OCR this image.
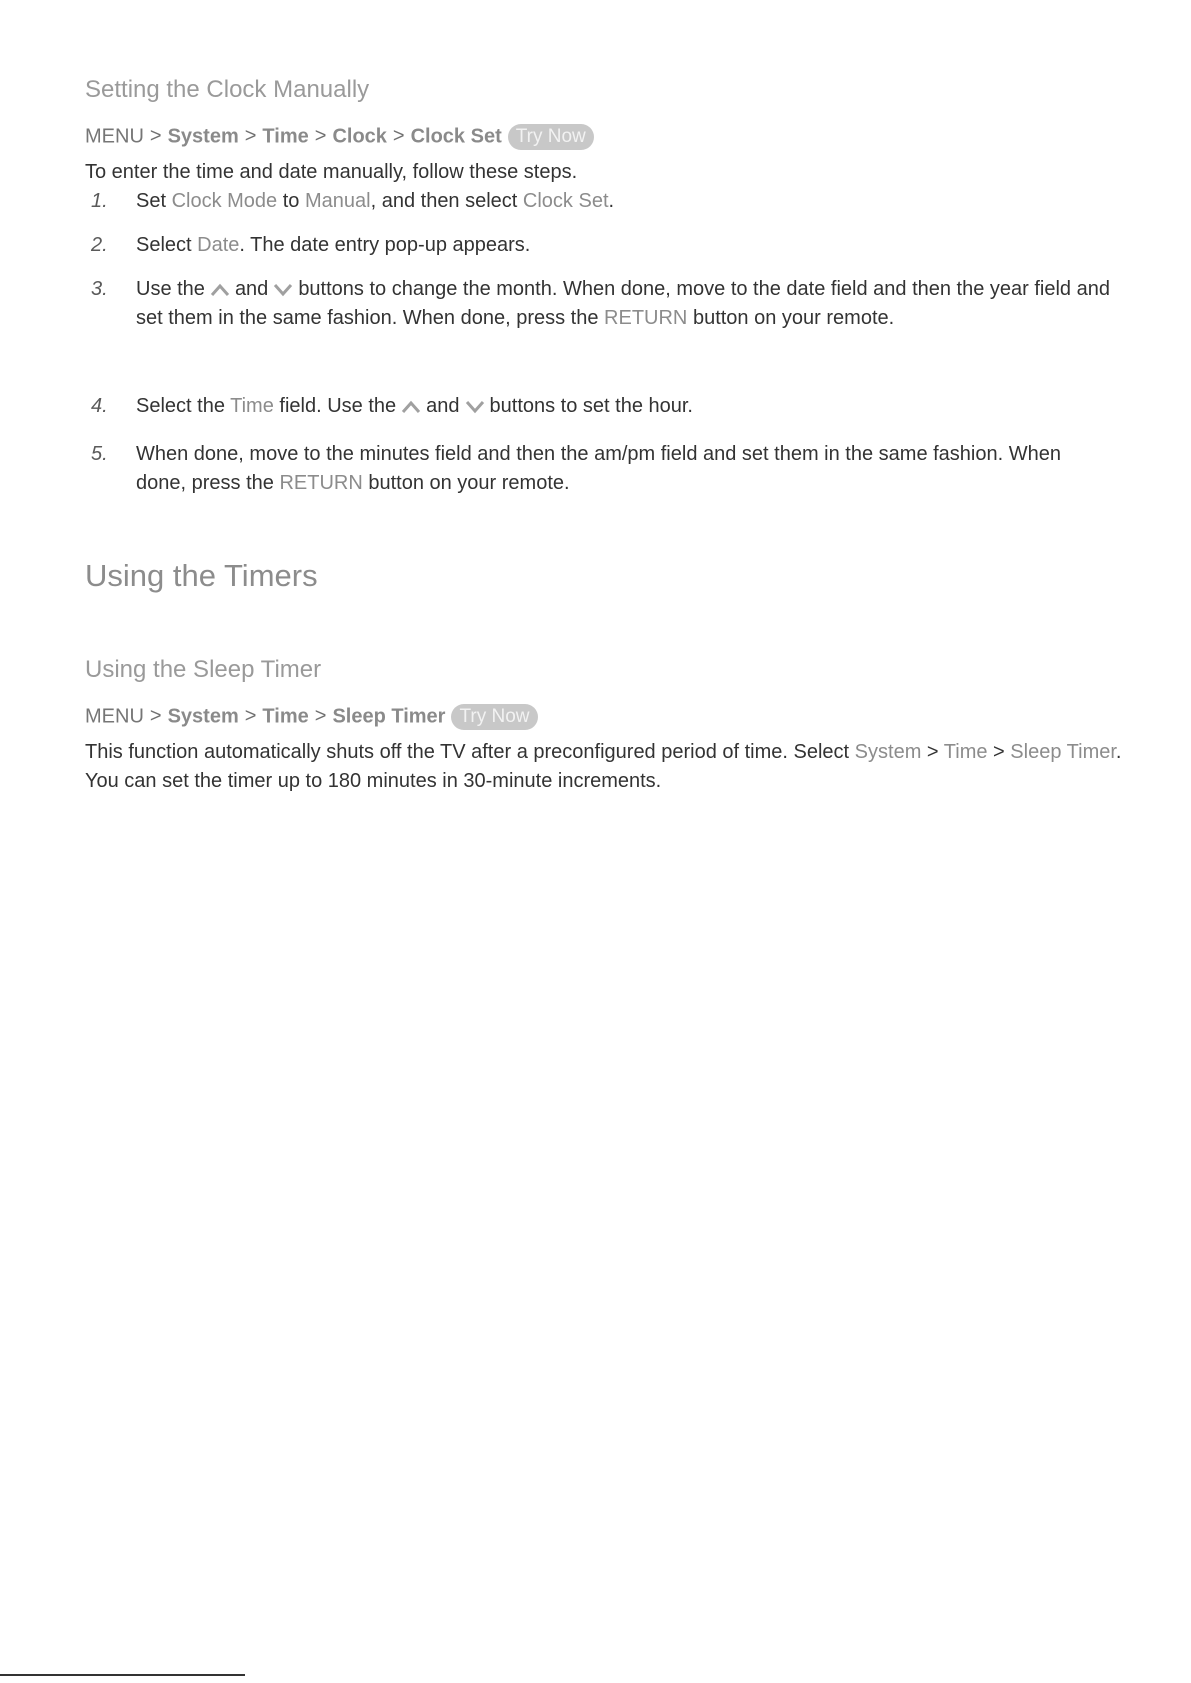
Setting the Clock Manually
MENU > System > Time > Clock > Clock Set Try Now
To enter the time and date manually, follow these steps.
1. Set Clock Mode to Manual, and then select Clock Set.
2. Select Date. The date entry pop-up appears.
3. Use the and buttons to change the month. When done, move to the date field and then the year field and set them in the same fashion. When done, press the RETURN button on your remote.
4. Select the Time field. Use the and buttons to set the hour.
5. When done, move to the minutes field and then the am/pm field and set them in the same fashion. When done, press the RETURN button on your remote.
Using the Timers
Using the Sleep Timer
MENU > System > Time > Sleep Timer Try Now
This function automatically shuts off the TV after a preconfigured period of time. Select System > Time > Sleep Timer. You can set the timer up to 180 minutes in 30-minute increments.
